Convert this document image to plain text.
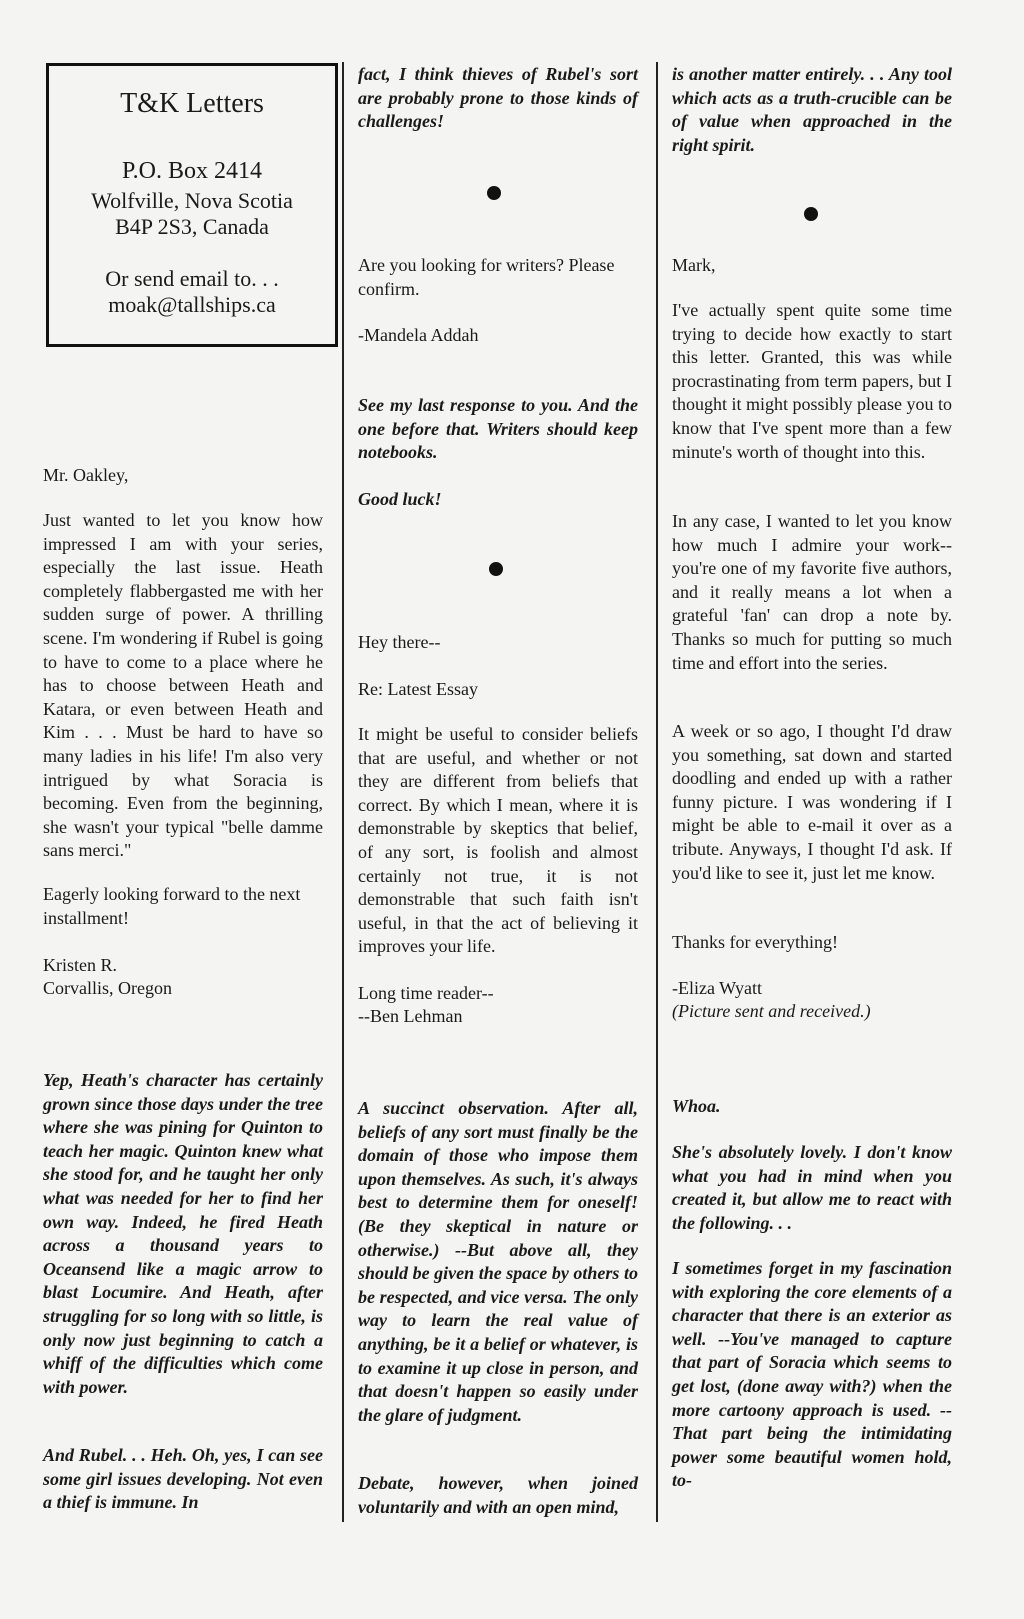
T&K Letters
P.O. Box 2414
Wolfville, Nova Scotia
B4P 2S3, Canada
Or send email to. . .
moak@tallships.ca

Mr. Oakley,

Just wanted to let you know how impressed I am with your series, especially the last issue. Heath completely flabbergasted me with her sudden surge of power. A thrilling scene. I'm wondering if Rubel is going to have to come to a place where he has to choose between Heath and Katara, or even between Heath and Kim . . . Must be hard to have so many ladies in his life! I'm also very intrigued by what Soracia is becoming. Even from the beginning, she wasn't your typical "belle damme sans merci."

Eagerly looking forward to the next installment!

Kristen R.

Corvallis, Oregon

Yep, Heath's character has certainly grown since those days under the tree where she was pining for Quinton to teach her magic. Quinton knew what she stood for, and he taught her only what was needed for her to find her own way. Indeed, he fired Heath across a thousand years to Oceansend like a magic arrow to blast Locumire. And Heath, after struggling for so long with so little, is only now just beginning to catch a whiff of the difficulties which come with power.

And Rubel. . . Heh. Oh, yes, I can see some girl issues developing. Not even a thief is immune. In

fact, I think thieves of Rubel's sort are probably prone to those kinds of challenges!

Are you looking for writers? Please confirm.

-Mandela Addah

See my last response to you. And the one before that. Writers should keep notebooks.

Good luck!

Hey there--

Re: Latest Essay

It might be useful to consider beliefs that are useful, and whether or not they are different from beliefs that correct. By which I mean, where it is demonstrable by skeptics that belief, of any sort, is foolish and almost certainly not true, it is not demonstrable that such faith isn't useful, in that the act of believing it improves your life.

Long time reader--

--Ben Lehman

A succinct observation. After all, beliefs of any sort must finally be the domain of those who impose them upon themselves. As such, it's always best to determine them for oneself! (Be they skeptical in nature or otherwise.) --But above all, they should be given the space by others to be respected, and vice versa. The only way to learn the real value of anything, be it a belief or whatever, is to examine it up close in person, and that doesn't happen so easily under the glare of judgment.

Debate, however, when joined voluntarily and with an open mind,

is another matter entirely. . . Any tool which acts as a truth-crucible can be of value when approached in the right spirit.

Mark,

I've actually spent quite some time trying to decide how exactly to start this letter. Granted, this was while procrastinating from term papers, but I thought it might possibly please you to know that I've spent more than a few minute's worth of thought into this.

In any case, I wanted to let you know how much I admire your work-- you're one of my favorite five authors, and it really means a lot when a grateful 'fan' can drop a note by. Thanks so much for putting so much time and effort into the series.

A week or so ago, I thought I'd draw you something, sat down and started doodling and ended up with a rather funny picture. I was wondering if I might be able to e-mail it over as a tribute. Anyways, I thought I'd ask. If you'd like to see it, just let me know.

Thanks for everything!

-Eliza Wyatt

(Picture sent and received.)

Whoa.

She's absolutely lovely. I don't know what you had in mind when you created it, but allow me to react with the following. . .

I sometimes forget in my fascination with exploring the core elements of a character that there is an exterior as well. --You've managed to capture that part of Soracia which seems to get lost, (done away with?) when the more cartoony approach is used. --That part being the intimidating power some beautiful women hold, to-
